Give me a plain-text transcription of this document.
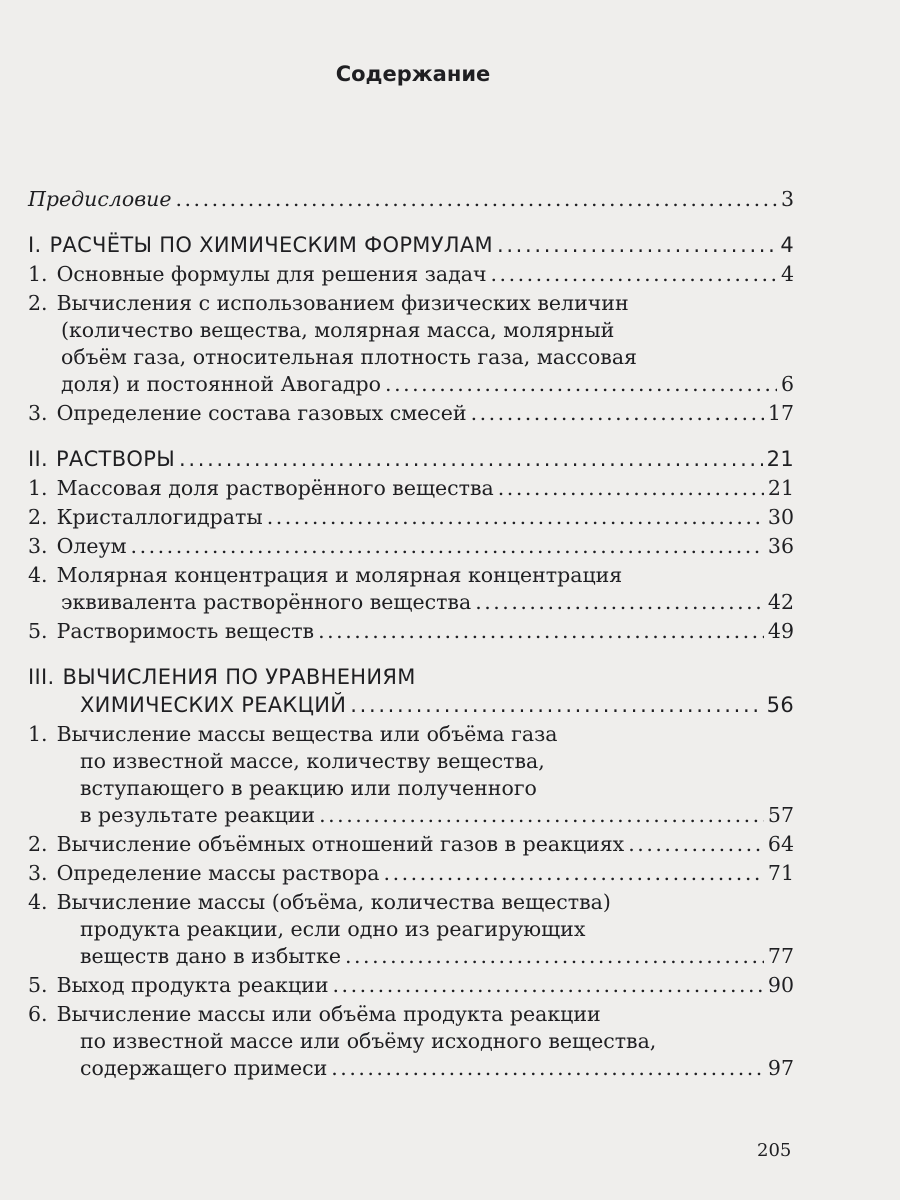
Содержание
Предисловие . . .	3
I. РАСЧЁТЫ ПО ХИМИЧЕСКИМ ФОРМУЛАМ . . .	4
1. Основные формулы для решения задач . . .	4
2. Вычисления с использованием физических величин
(количество вещества, молярная масса, молярный
объём газа, относительная плотность газа, массовая
доля) и постоянной Авогадро . . .	6
3. Определение состава газовых смесей . . .	17
II. РАСТВОРЫ . . .	21
1. Массовая доля растворённого вещества . . .	21
2. Кристаллогидраты . . .	30
3. Олеум . . .	36
4. Молярная концентрация и молярная концентрация
эквивалента растворённого вещества . . .	42
5. Растворимость веществ . . .	49
III. ВЫЧИСЛЕНИЯ ПО УРАВНЕНИЯМ
ХИМИЧЕСКИХ РЕАКЦИЙ . . .	56
1. Вычисление массы вещества или объёма газа
по известной массе, количеству вещества,
вступающего в реакцию или полученного
в результате реакции . . .	57
2. Вычисление объёмных отношений газов в реакциях . . .	64
3. Определение массы раствора . . .	71
4. Вычисление массы (объёма, количества вещества)
продукта реакции, если одно из реагирующих
веществ дано в избытке . . .	77
5. Выход продукта реакции . . .	90
6. Вычисление массы или объёма продукта реакции
по известной массе или объёму исходного вещества,
содержащего примеси . . .	97
205
